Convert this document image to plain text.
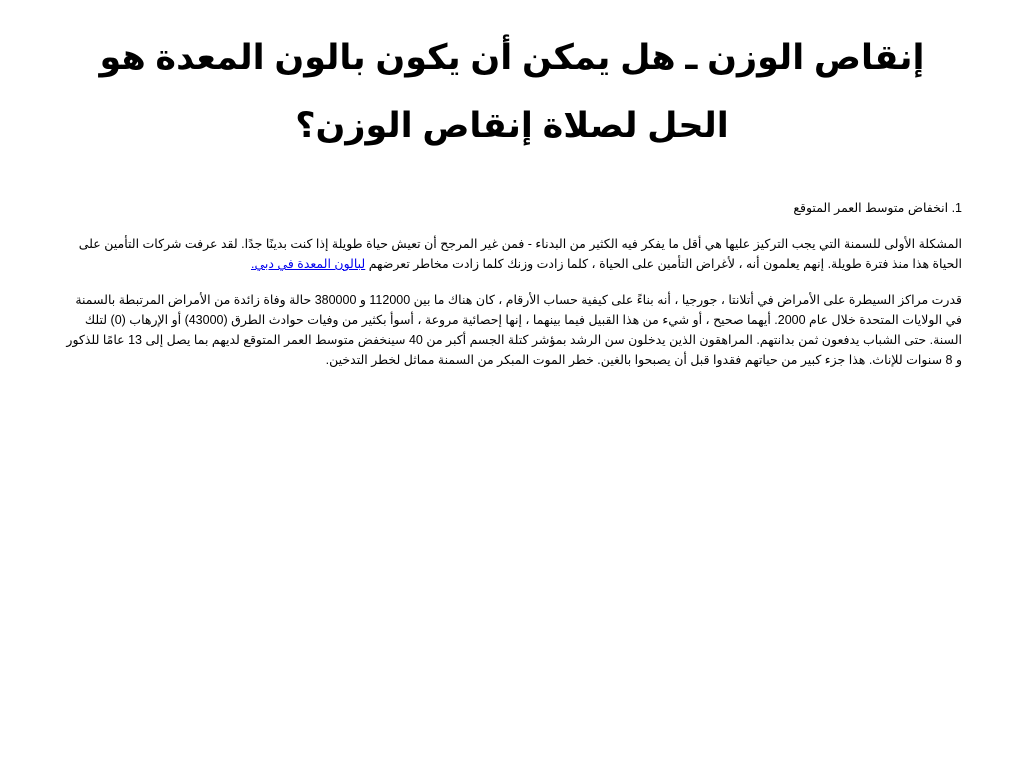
إنقاص الوزن ـ هل يمكن أن يكون بالون المعدة هو الحل لصلاة إنقاص الوزن؟

1. انخفاض متوسط العمر المتوقع

المشكلة الأولى للسمنة التي يجب التركيز عليها هي أقل ما يفكر فيه الكثير من البدناء - فمن غير المرجح أن تعيش حياة طويلة إذا كنت بدينًا جدًا. لقد عرفت شركات التأمين على الحياة هذا منذ فترة طويلة. إنهم يعلمون أنه ، لأغراض التأمين على الحياة ، كلما زادت وزنك كلما زادت مخاطر تعرضهم لبالون المعدة في دبي.

قدرت مراكز السيطرة على الأمراض في أتلانتا ، جورجيا ، أنه بناءً على كيفية حساب الأرقام ، كان هناك ما بين 112000 و 380000 حالة وفاة زائدة من الأمراض المرتبطة بالسمنة في الولايات المتحدة خلال عام 2000. أيهما صحيح ، أو شيء من هذا القبيل فيما بينهما ، إنها إحصائية مروعة ، أسوأ بكثير من وفيات حوادث الطرق (43000) أو الإرهاب (0) لتلك السنة. حتى الشباب يدفعون ثمن بدانتهم. المراهقون الذين يدخلون سن الرشد بمؤشر كتلة الجسم أكبر من 40 سينخفض متوسط العمر المتوقع لديهم بما يصل إلى 13 عامًا للذكور و 8 سنوات للإناث. هذا جزء كبير من حياتهم فقدوا قبل أن يصبحوا بالغين. خطر الموت المبكر من السمنة مماثل لخطر التدخين.
